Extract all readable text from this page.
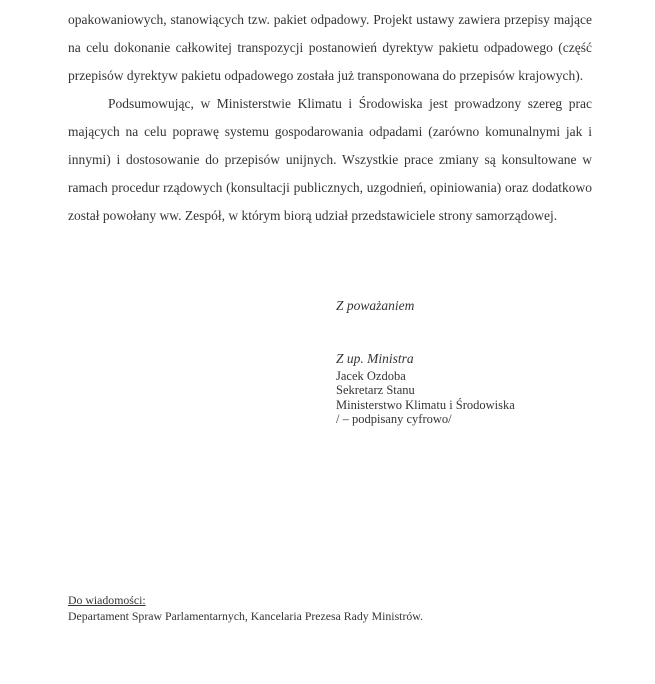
opakowaniowych, stanowiących tzw. pakiet odpadowy. Projekt ustawy zawiera przepisy mające na celu dokonanie całkowitej transpozycji postanowień dyrektyw pakietu odpadowego (część przepisów dyrektyw pakietu odpadowego została już transponowana do przepisów krajowych).

Podsumowując, w Ministerstwie Klimatu i Środowiska jest prowadzony szereg prac mających na celu poprawę systemu gospodarowania odpadami (zarówno komunalnymi jak i innymi) i dostosowanie do przepisów unijnych. Wszystkie prace zmiany są konsultowane w ramach procedur rządowych (konsultacji publicznych, uzgodnień, opiniowania) oraz dodatkowo został powołany ww. Zespół, w którym biorą udział przedstawiciele strony samorządowej.

Z poważaniem

Z up. Ministra

Jacek Ozdoba

Sekretarz Stanu

Ministerstwo Klimatu i Środowiska

/ – podpisany cyfrowo/

Do wiadomości:
Departament Spraw Parlamentarnych, Kancelaria Prezesa Rady Ministrów.
